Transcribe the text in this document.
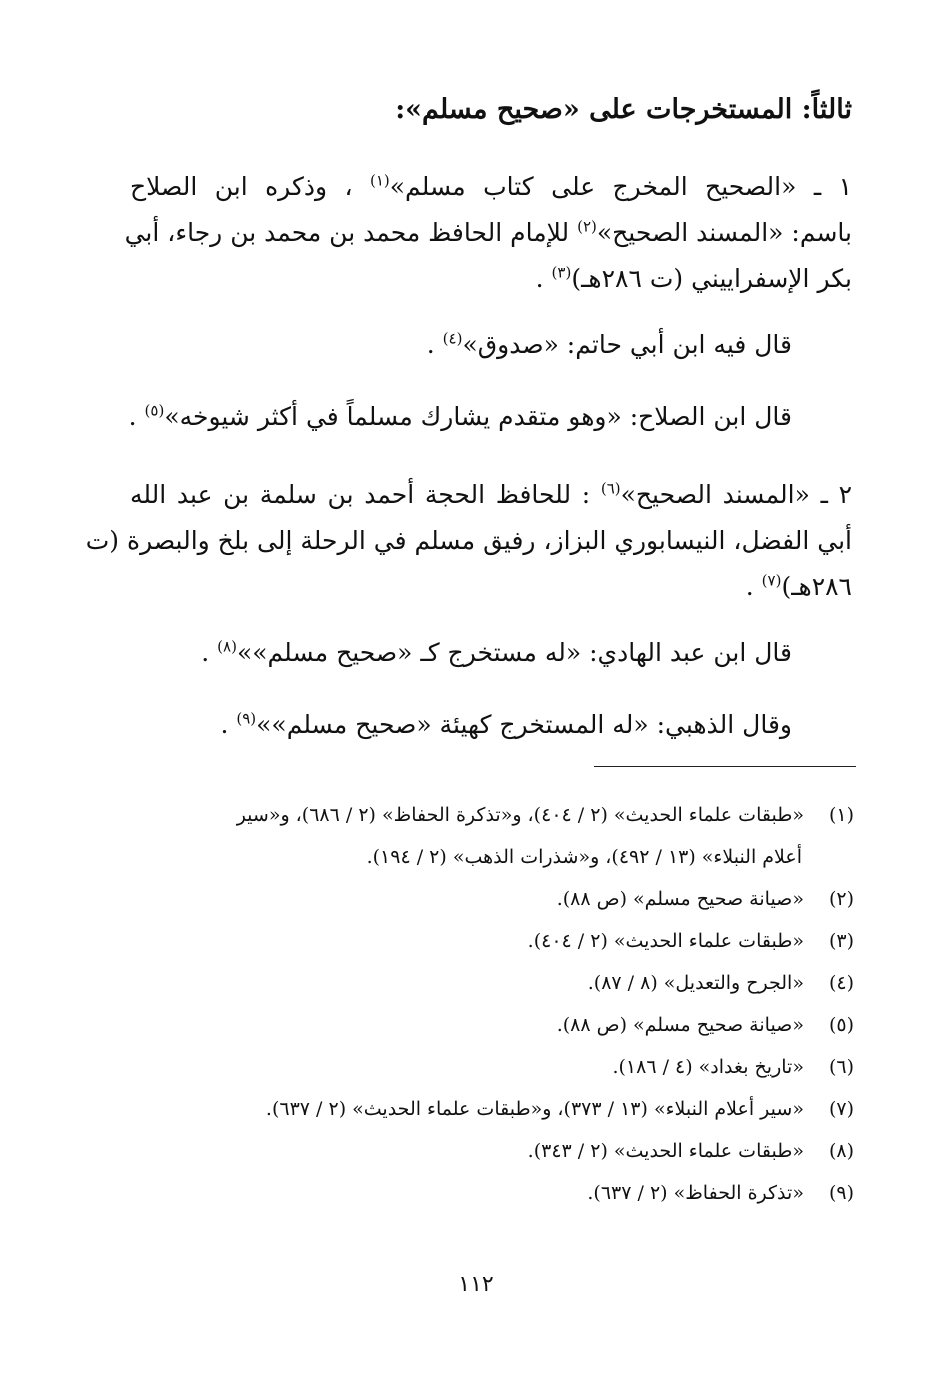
ثالثاً: المستخرجات على «صحيح مسلم»:
١ ـ «الصحيح المخرج على كتاب مسلم»$^{(١)}$ ، وذكره ابن الصلاح
باسم: «المسند الصحيح»$^{(٢)}$ للإمام الحافظ محمد بن محمد بن رجاء، أبي
بكر الإسفراييني (ت ٢٨٦هـ)$^{(٣)}$ .
قال فيه ابن أبي حاتم: «صدوق»$^{(٤)}$ .
قال ابن الصلاح: «وهو متقدم يشارك مسلماً في أكثر شيوخه»$^{(٥)}$ .
٢ ـ «المسند الصحيح»$^{(٦)}$ : للحافظ الحجة أحمد بن سلمة بن عبد الله
أبي الفضل، النيسابوري البزاز، رفيق مسلم في الرحلة إلى بلخ والبصرة (ت
٢٨٦هـ)$^{(٧)}$ .
قال ابن عبد الهادي: «له مستخرج كـ «صحيح مسلم»»$^{(٨)}$ .
وقال الذهبي: «له المستخرج كهيئة «صحيح مسلم»»$^{(٩)}$ .
(١) «طبقات علماء الحديث» (٢ / ٤٠٤)، و«تذكرة الحفاظ» (٢ / ٦٨٦)، و«سير
أعلام النبلاء» (١٣ / ٤٩٢)، و«شذرات الذهب» (٢ / ١٩٤).
(٢) «صيانة صحيح مسلم» (ص ٨٨).
(٣) «طبقات علماء الحديث» (٢ / ٤٠٤).
(٤) «الجرح والتعديل» (٨ / ٨٧).
(٥) «صيانة صحيح مسلم» (ص ٨٨).
(٦) «تاريخ بغداد» (٤ / ١٨٦).
(٧) «سير أعلام النبلاء» (١٣ / ٣٧٣)، و«طبقات علماء الحديث» (٢ / ٦٣٧).
(٨) «طبقات علماء الحديث» (٢ / ٣٤٣).
(٩) «تذكرة الحفاظ» (٢ / ٦٣٧).
١١٢
